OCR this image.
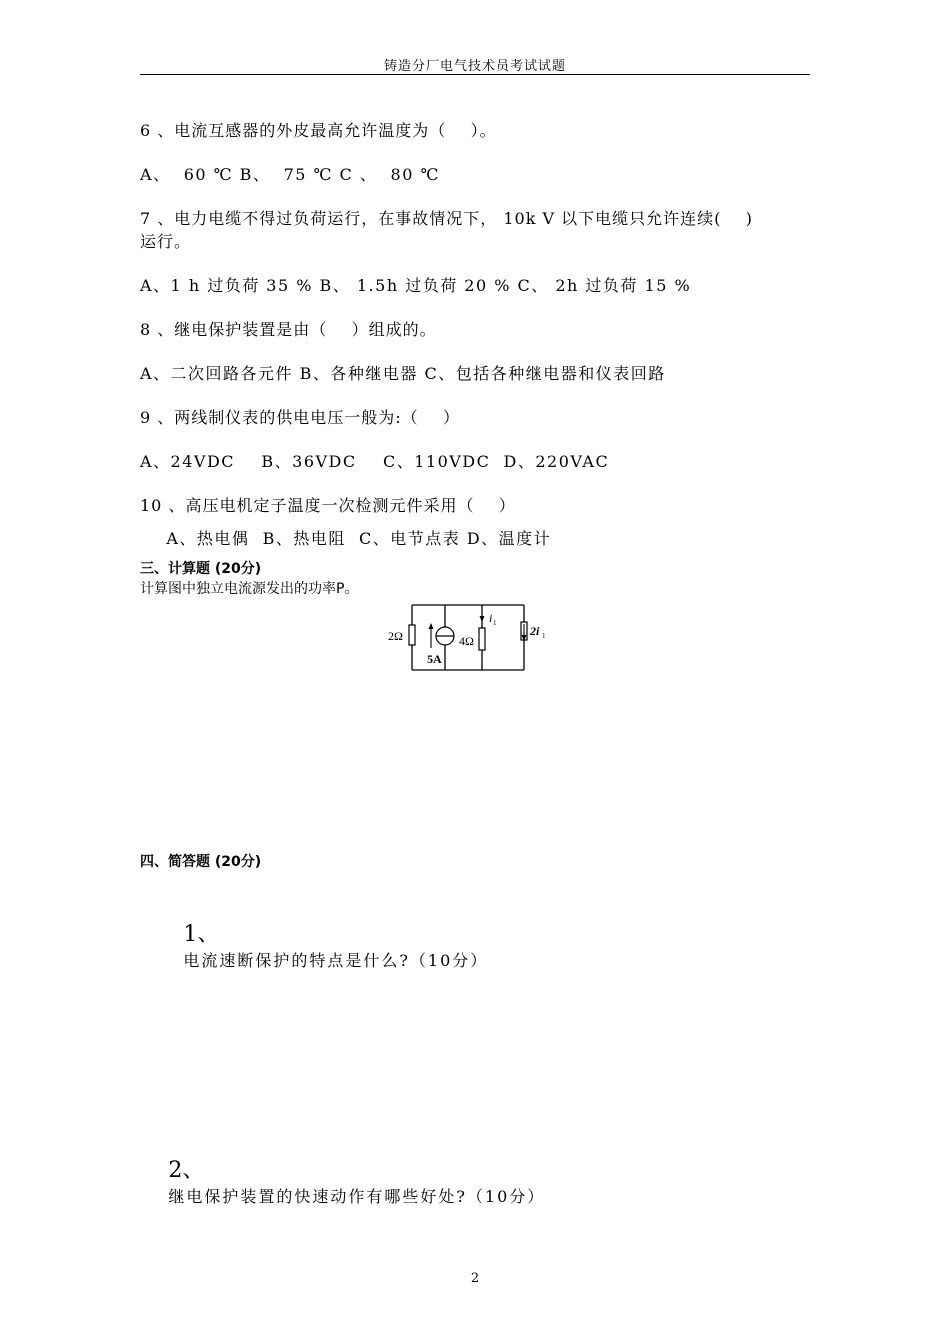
铸造分厂电气技术员考试试题
6 、电流互感器的外皮最高允许温度为（    ）。
A、  60 ℃ B、  75 ℃ C 、  80 ℃
7 、电力电缆不得过负荷运行，在事故情况下， 10k V 以下电缆只允许连续(    )
运行。
A、1 h 过负荷 35 % B、 1.5h 过负荷 20 % C、 2h 过负荷 15 %
8 、继电保护装置是由（    ）组成的。
A、二次回路各元件 B、各种继电器 C、包括各种继电器和仪表回路
9 、两线制仪表的供电电压一般为:（    ）
A、24VDC    B、36VDC    C、110VDC  D、220VAC
10 、高压电机定子温度一次检测元件采用（    ）
A、热电偶  B、热电阻  C、电节点表 D、温度计
三、计算题 (20分)
计算图中独立电流源发出的功率P。
2Ω
5A
4Ω
i 1
2i 1
四、简答题 (20分)

1、
电流速断保护的特点是什么?（10分）

2、
继电保护装置的快速动作有哪些好处?（10分）

2
